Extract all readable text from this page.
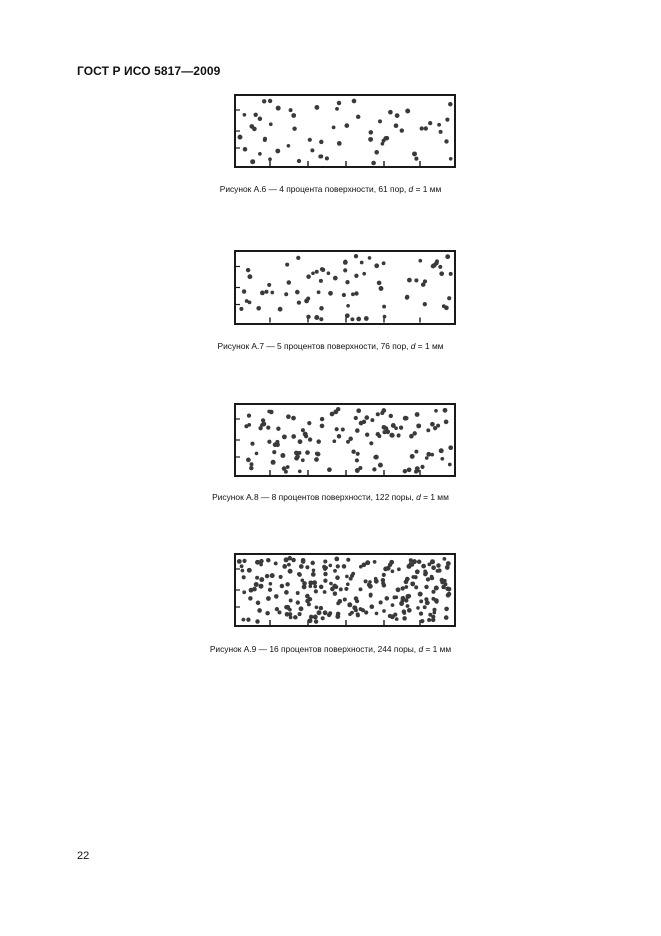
ГОСТ Р ИСО 5817—2009
Рисунок А.6 — 4 процента поверхности, 61 пор, d = 1 мм
Рисунок А.7 — 5 процентов поверхности, 76 пор, d = 1 мм
Рисунок А.8 — 8 процентов поверхности, 122 поры, d = 1 мм
Рисунок А.9 — 16 процентов поверхности, 244 поры, d = 1 мм
22
